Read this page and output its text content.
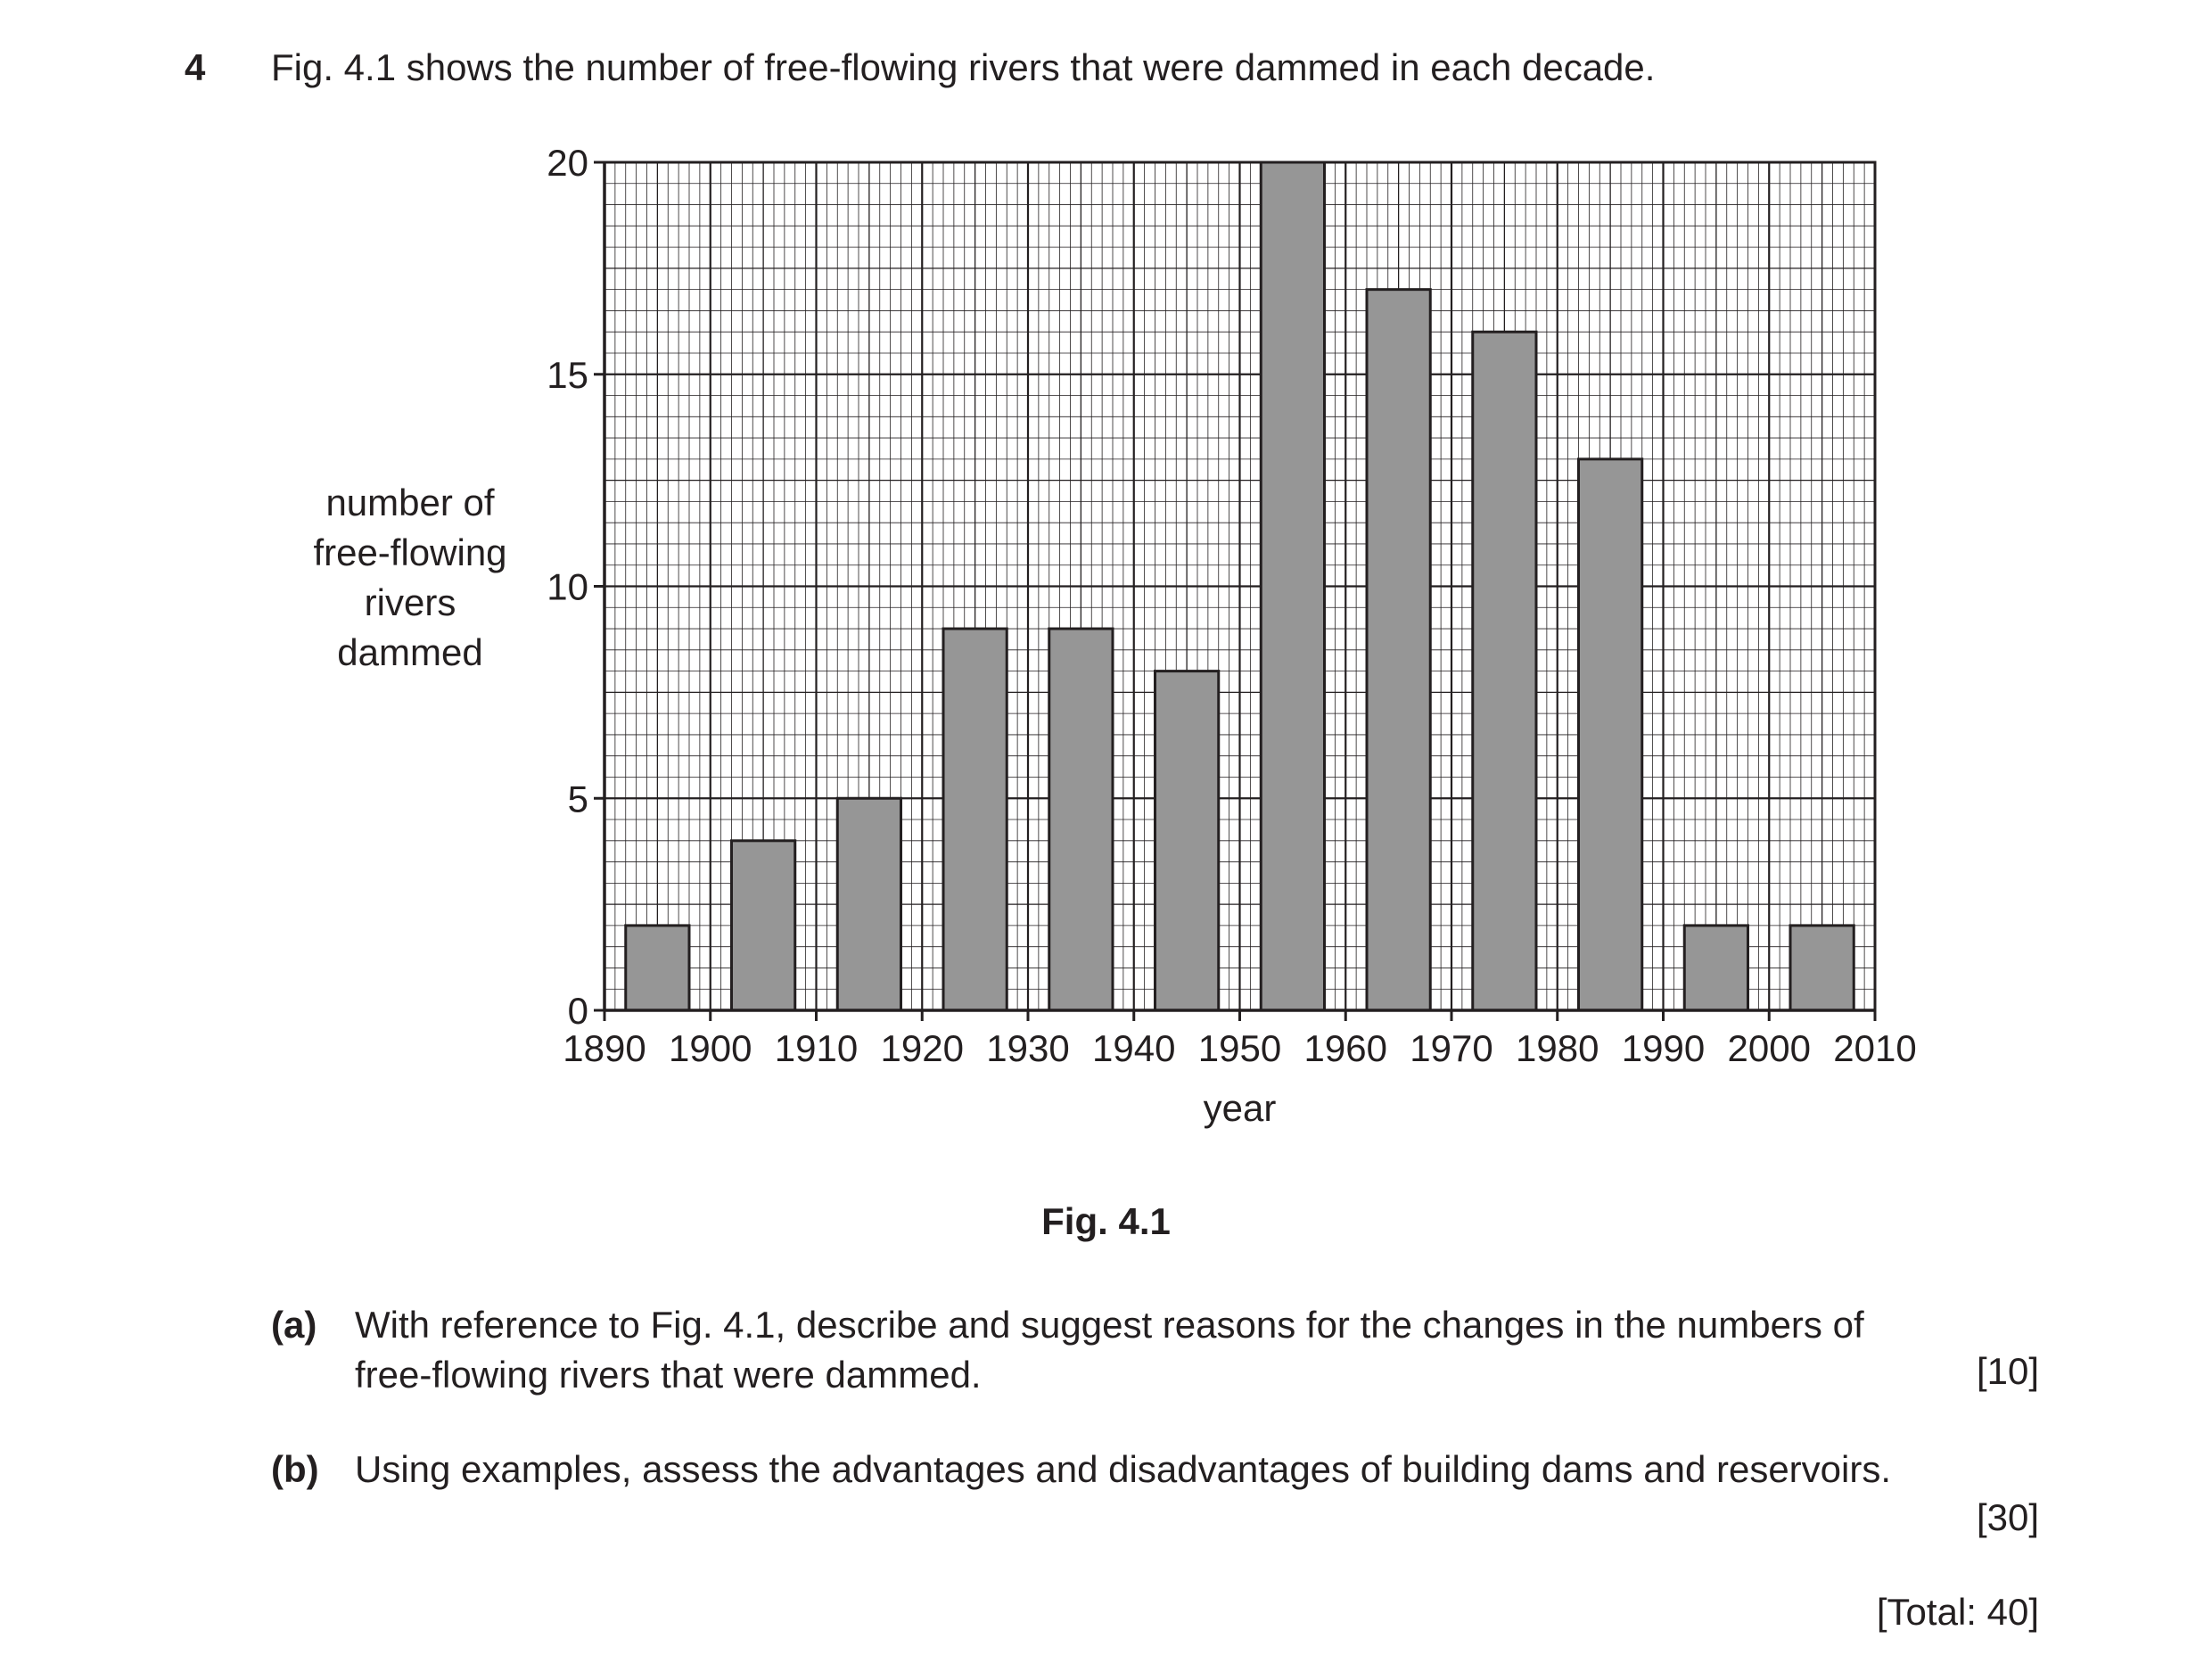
4 Fig. 4.1 shows the number of free-flowing rivers that were dammed in each decade.
number of
free-flowing
rivers
dammed
1890 1900 1910 1920 1930 1940 1950 1960 1970 1980 1990 2000 2010
0
5
10
15
20
year
Fig. 4.1
(a) With reference to Fig. 4.1, describe and suggest reasons for the changes in the numbers of
free-flowing rivers that were dammed.	[10]
(b) Using examples, assess the advantages and disadvantages of building dams and reservoirs.
[30]
[Total: 40]
